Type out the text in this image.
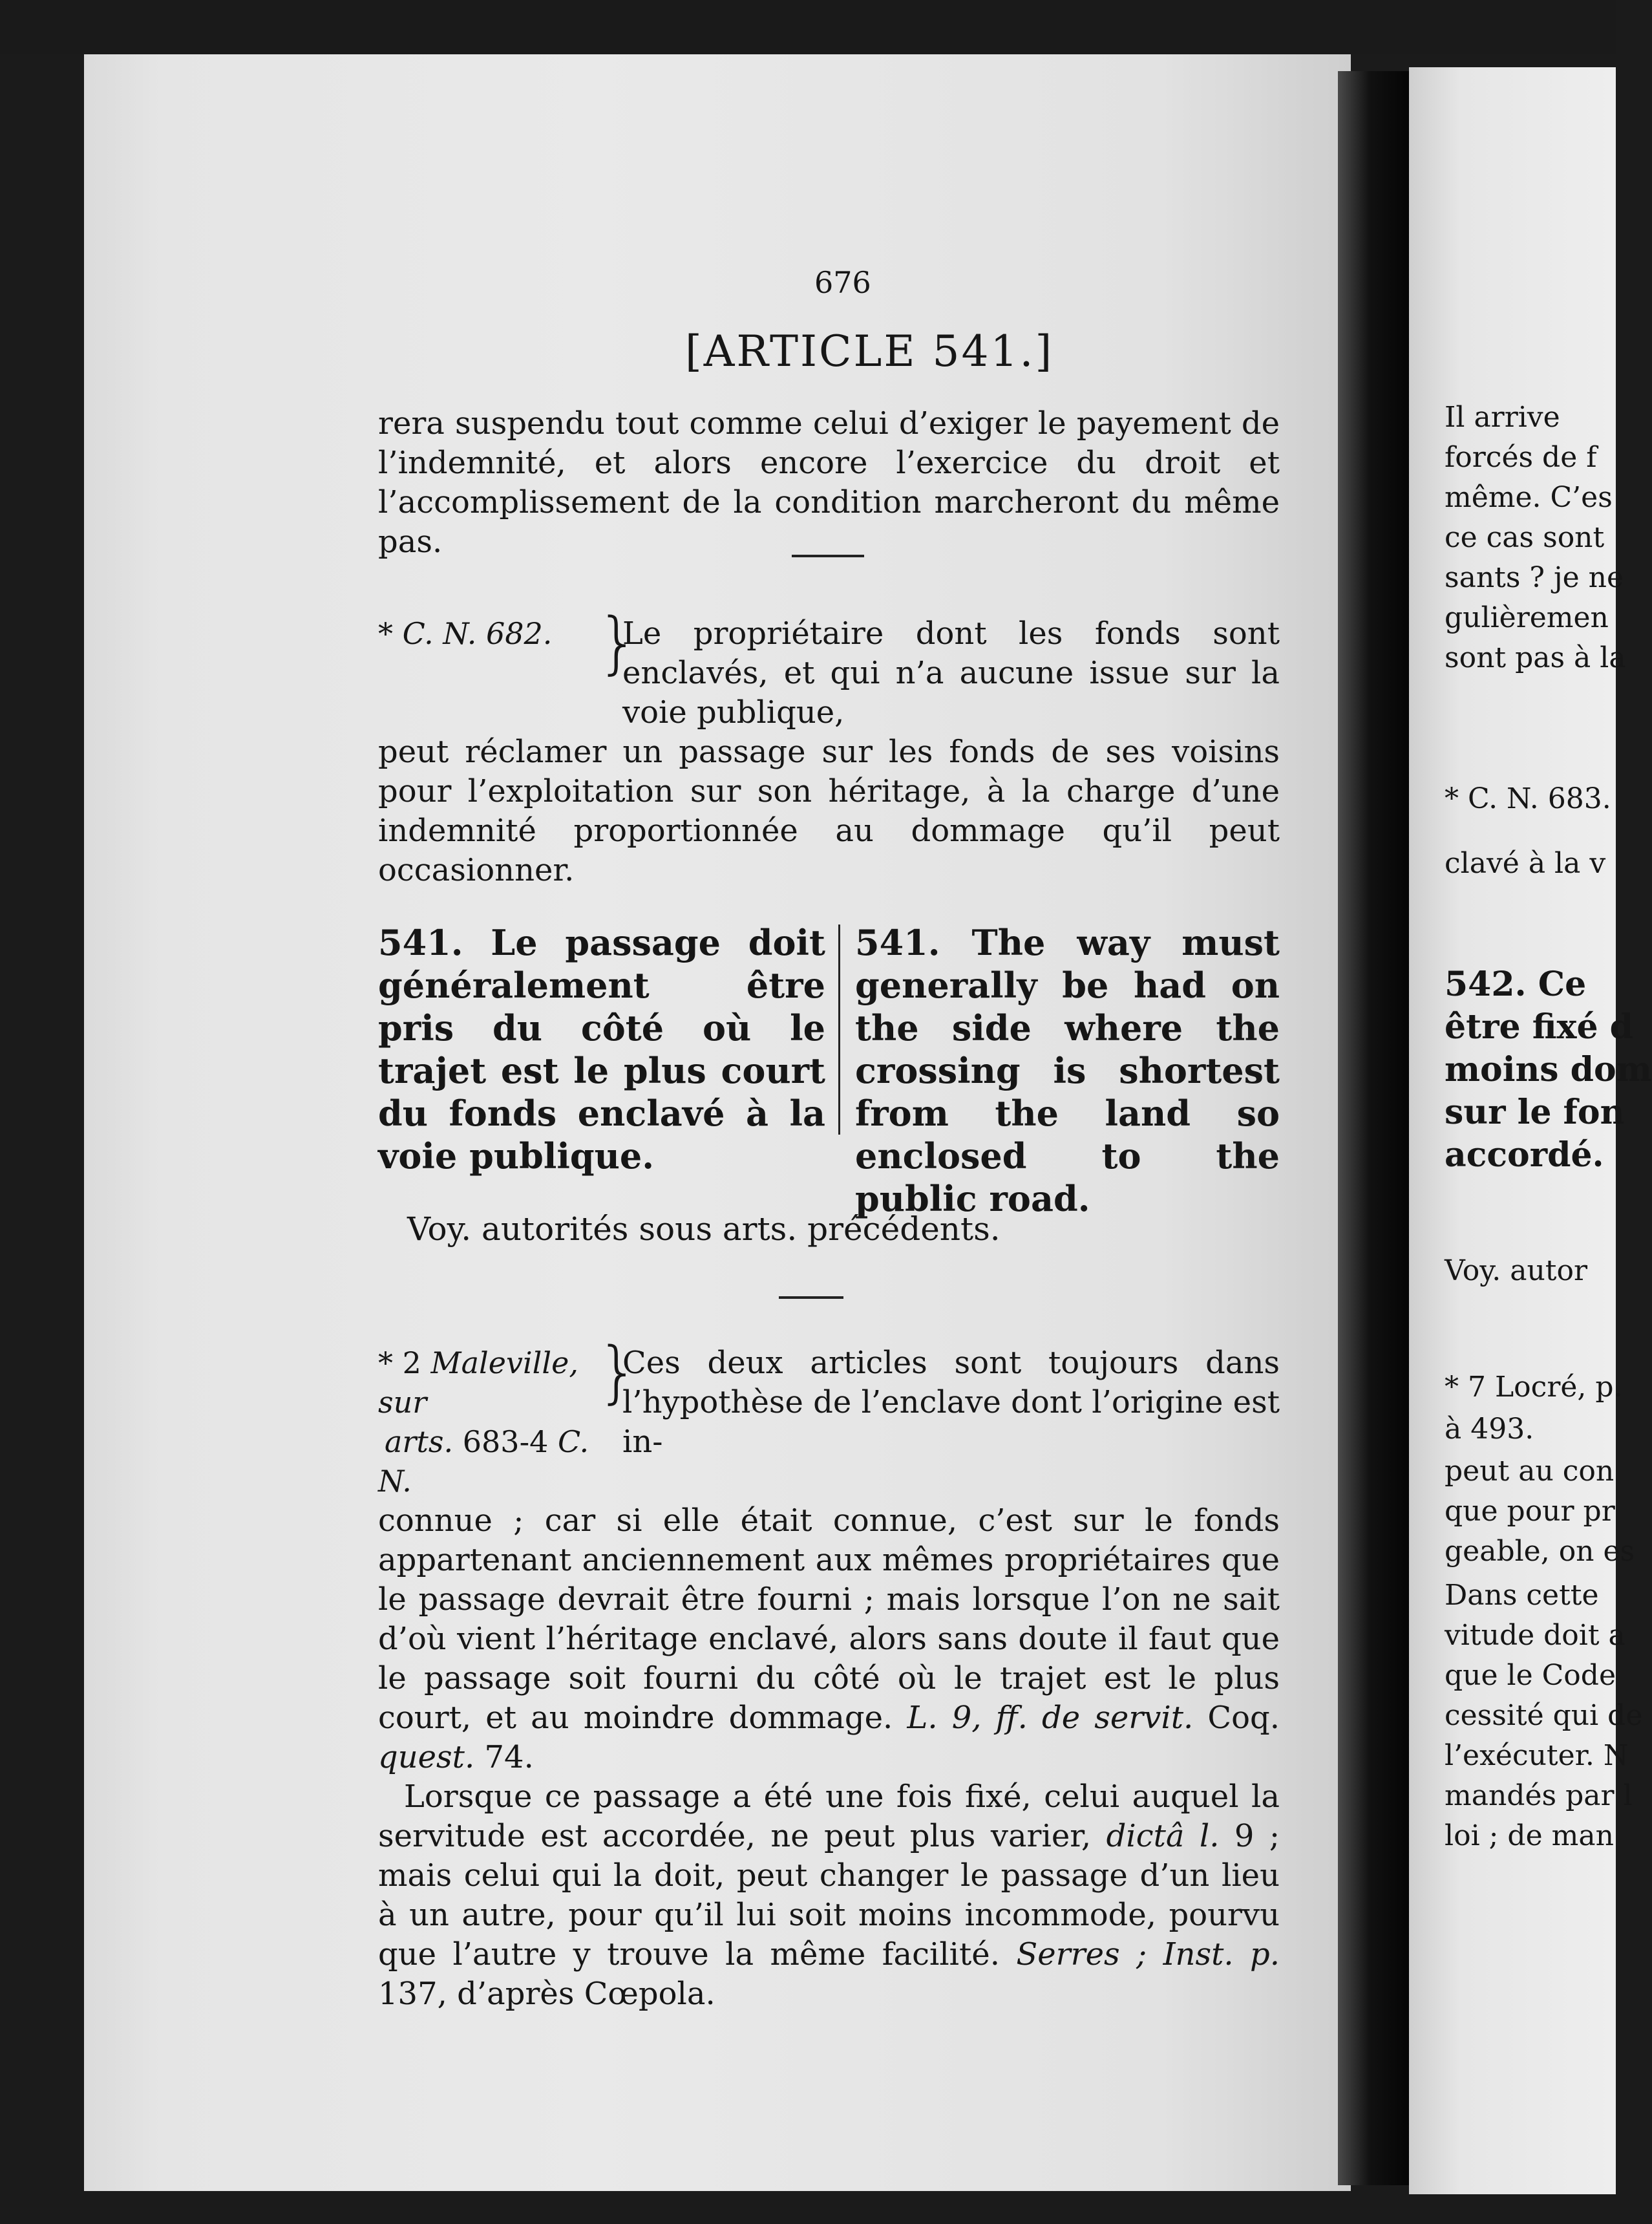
676
[ARTICLE 541.]

rera suspendu tout comme celui d’exiger le payement de l’indemnité, et alors encore l’exercice du droit et l’accomplissement de la condition marcheront du même pas.

* C. N. 682. }
Le propriétaire dont les fonds sont enclavés, et qui n’a aucune issue sur la voie publique,
peut réclamer un passage sur les fonds de ses voisins pour l’exploitation sur son héritage, à la charge d’une indemnité proportionnée au dommage qu’il peut occasionner.
541. Le passage doit généralement être pris du côté où le trajet est le plus court du fonds enclavé à la voie publique.
541. The way must generally be had on the side where the crossing is shortest from the land so enclosed to the public road.
Voy. autorités sous arts. précédents.
* 2 Maleville, sur
arts. 683-4 C. N.
}
Ces deux articles sont toujours dans l’hypothèse de l’enclave dont l’origine est in-
connue ; car si elle était connue, c’est sur le fonds appartenant anciennement aux mêmes propriétaires que le passage devrait être fourni ; mais lorsque l’on ne sait d’où vient l’héritage enclavé, alors sans doute il faut que le passage soit fourni du côté où le trajet est le plus court, et au moindre dommage. L. 9, ff. de servit. Coq. quest. 74.
Lorsque ce passage a été une fois fixé, celui auquel la servitude est accordée, ne peut plus varier, dictâ l. 9 ; mais celui qui la doit, peut changer le passage d’un lieu à un autre, pour qu’il lui soit moins incommode, pourvu que l’autre y trouve la même facilité. Serres ; Inst. p. 137, d’après Cœpola.
Il arrive
forcés de f
même. C’es
ce cas sont
sants ? je ne
gulièremen
sont pas à la
* C. N. 683.
clavé à la v
542. Ce
être fixé d
moins dom
sur le fon
accordé.
Voy. autor
* 7 Locré, p.
à 493.
peut au con
que pour pr
geable, on es
Dans cette
vitude doit a
que le Code
cessité qui de
l’exécuter. N
mandés par l
loi ; de man
